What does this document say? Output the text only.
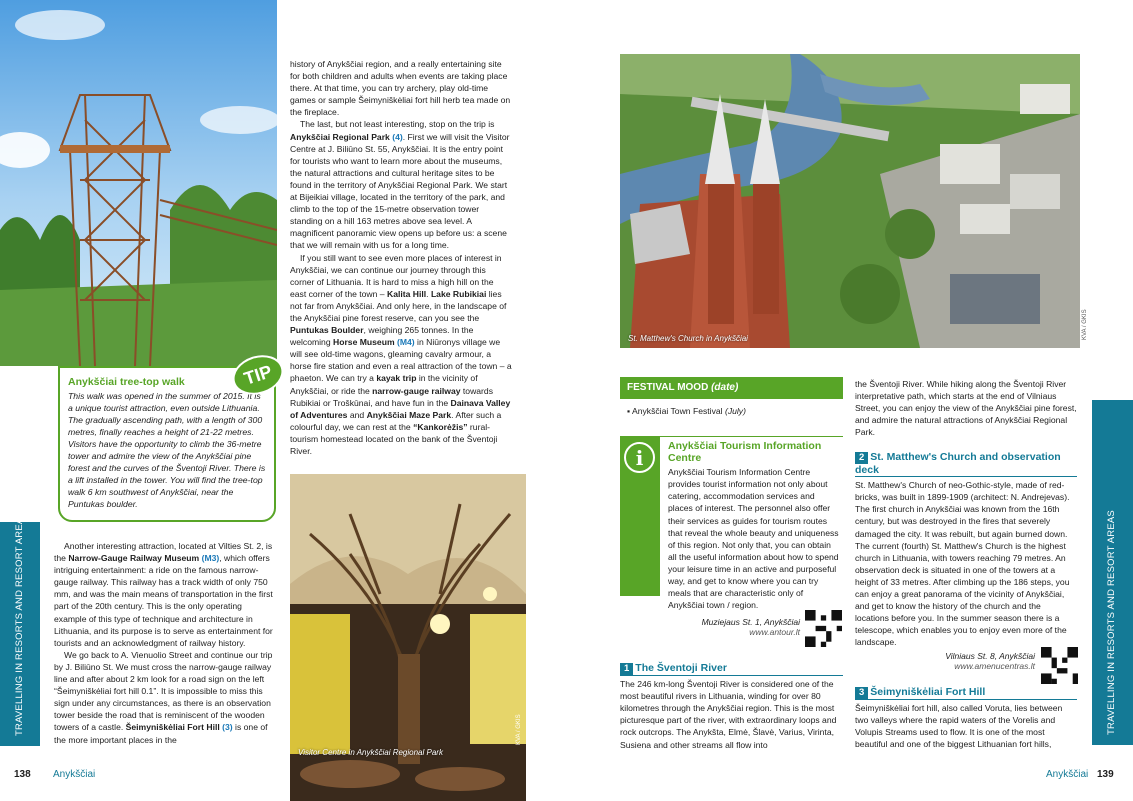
TRAVELLING IN RESORTS AND RESORT AREAS
Anykščiai tree-top walk

This walk was opened in the summer of 2015. It is a unique tourist attraction, even outside Lithuania. The gradually ascending path, with a length of 300 metres, finally reaches a height of 21-22 metres. Visitors have the opportunity to climb the 36-metre tower and admire the view of the Anykščiai pine forest and the curves of the Šventoji River. There is a lift installed in the tower. You will find the tree-top walk 6 km southwest of Anykščiai, near the Puntukas boulder.

TIP

Another interesting attraction, located at Vilties St. 2, is the Narrow-Gauge Railway Museum (M3), which offers intriguing entertainment: a ride on the famous narrow-gauge railway. This railway has a track width of only 750 mm, and was the main means of transportation in the first part of the 20th century. This is the only operating example of this type of technique and architecture in Lithuania, and its purpose is to serve as entertainment for tourists and an acknowledgment of railway history.

We go back to A. Vienuolio Street and continue our trip by J. Biliūno St. We must cross the narrow-gauge railway line and after about 2 km look for a road sign on the left “Šeimyniškėliai fort hill 0.1”. It is impossible to miss this sign under any circumstances, as there is an observation tower beside the road that is reminiscent of the wooden towers of a castle. Šeimyniškėliai Fort Hill (3) is one of the more important places in the

history of Anykščiai region, and a really entertaining site for both children and adults when events are taking place there. At that time, you can try archery, play old-time games or sample Šeimyniškėliai fort hill herb tea made on the fireplace.

The last, but not least interesting, stop on the trip is Anykščiai Regional Park (4). First we will visit the Visitor Centre at J. Biliūno St. 55, Anykščiai. It is the entry point for tourists who want to learn more about the museums, the natural attractions and cultural heritage sites to be found in the territory of Anykščiai Regional Park. We start at Bijeikiai village, located in the territory of the park, and climb to the top of the 15-metre observation tower standing on a hill 163 metres above sea level. A magnificent panoramic view opens up before us: a scene that we will remain with us for a long time.

If you still want to see even more places of interest in Anykščiai, we can continue our journey through this corner of Lithuania. It is hard to miss a high hill on the east corner of the town – Kalita Hill. Lake Rubikiai lies not far from Anykščiai. And only here, in the landscape of the Anykščiai pine forest reserve, can you see the Puntukas Boulder, weighing 265 tonnes. In the welcoming Horse Museum (M4) in Niūronys village we will see old-time wagons, gleaming cavalry armour, a horse fire station and even a real attraction of the town – a phaeton. We can try a kayak trip in the vicinity of Anykščiai, or ride the narrow-gauge railway towards Rubikiai or Troškūnai, and have fun in the Dainava Valley of Adventures and Anykščiai Maze Park. After such a colourful day, we can rest at the “Kankorėžis” rural-tourism homestead located on the bank of the Šventoji River.

Visitor Centre in Anykščiai Regional Park
KVA / GKIS
138 Anykščiai
St. Matthew's Church in Anykščiai	KVA / GKIS
TRAVELLING IN RESORTS AND RESORT AREAS
FESTIVAL MOOD (date)
▪ Anykščiai Town Festival (July)
i	Anykščiai Tourism Information Centre

Anykščiai Tourism Information Centre provides tourist information not only about catering, accommodation services and places of interest. The personnel also offer their services as guides for tourism routes that reveal the whole beauty and uniqueness of this region. Not only that, you can obtain all the useful information about how to spend your leisure time in an active and purposeful way, and get to know where you can try meals that are characteristic only of Anykščiai town / region.

Muziejaus St. 1, Anykščiai
www.antour.lt
1 The Šventoji River

The 246 km-long Šventoji River is considered one of the most beautiful rivers in Lithuania, winding for over 80 kilometres through the Anykščiai region. This is the most picturesque part of the river, with extraordinary loops and rock outcrops. The Anykšta, Elmė, Šlavė, Varius, Virinta, Susiena and other streams all flow into

the Šventoji River. While hiking along the Šventoji River interpretative path, which starts at the end of Vilniaus Street, you can enjoy the view of the Anykščiai pine forest, and admire the natural attractions of Anykščiai Regional Park.
2 St. Matthew's Church and observation deck

St. Matthew's Church of neo-Gothic-style, made of red-bricks, was built in 1899-1909 (architect: N. Andrejevas). The first church in Anykščiai was known from the 16th century, but was destroyed in the fires that severely damaged the city. It was rebuilt, but again burned down. The current (fourth) St. Matthew's Church is the highest church in Lithuania, with towers reaching 79 metres. An observation deck is situated in one of the towers at a height of 33 metres. After climbing up the 186 steps, you can enjoy a great panorama of the vicinity of Anykščiai, and get to know the history of the church and the locations before you. In the summer season there is a telescope, which enables you to enjoy even more of the landscape.

Vilniaus St. 8, Anykščiai
www.amenucentras.lt
3 Šeimyniškėliai Fort Hill

Šeimyniškėliai fort hill, also called Voruta, lies between two valleys where the rapid waters of the Vorelis and Volupis Streams used to flow. It is one of the most beautiful and one of the biggest Lithuanian fort hills,

Anykščiai 139
